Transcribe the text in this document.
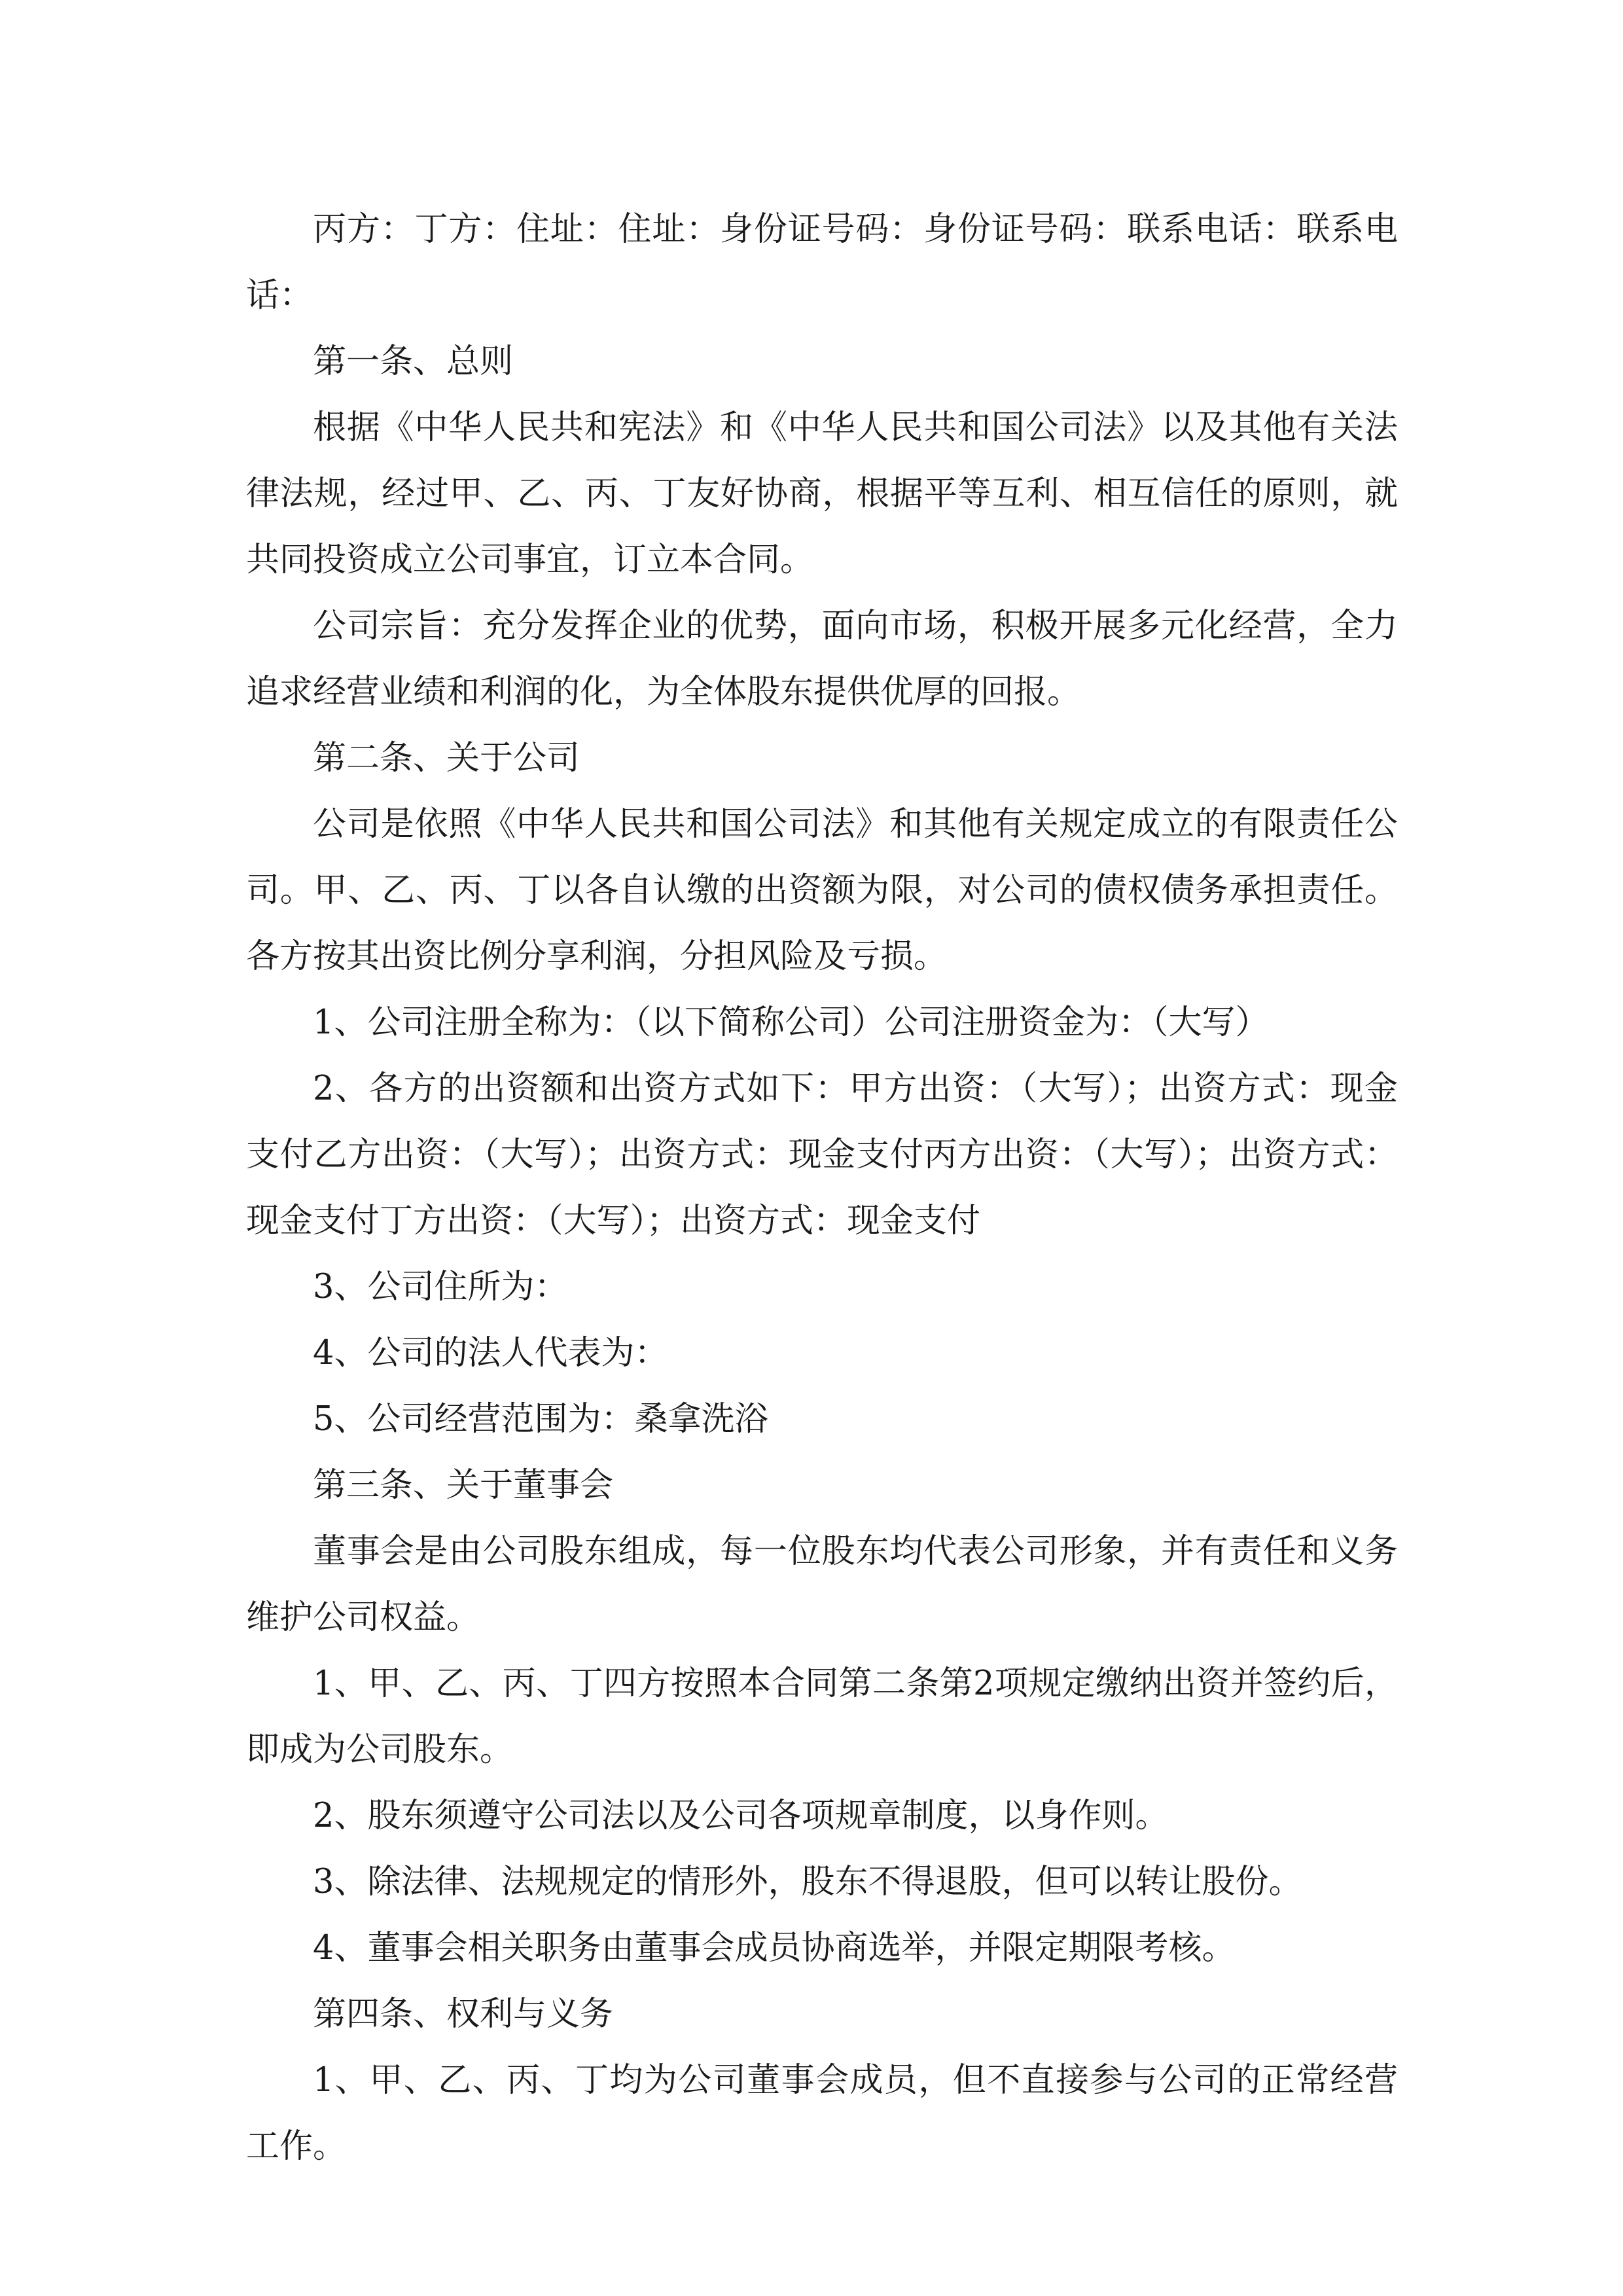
丙方：丁方：住址：住址：身份证号码：身份证号码：联系电话：联系电话：

第一条、总则

根据《中华人民共和宪法》和《中华人民共和国公司法》以及其他有关法律法规，经过甲、乙、丙、丁友好协商，根据平等互利、相互信任的原则，就共同投资成立公司事宜，订立本合同。

公司宗旨：充分发挥企业的优势，面向市场，积极开展多元化经营，全力追求经营业绩和利润的化，为全体股东提供优厚的回报。

第二条、关于公司

公司是依照《中华人民共和国公司法》和其他有关规定成立的有限责任公司。甲、乙、丙、丁以各自认缴的出资额为限，对公司的债权债务承担责任。各方按其出资比例分享利润，分担风险及亏损。

1、公司注册全称为：（以下简称公司）公司注册资金为：（大写）

2、各方的出资额和出资方式如下：甲方出资：（大写）；出资方式：现金支付乙方出资：（大写）；出资方式：现金支付丙方出资：（大写）；出资方式：现金支付丁方出资：（大写）；出资方式：现金支付

3、公司住所为：

4、公司的法人代表为：

5、公司经营范围为：桑拿洗浴

第三条、关于董事会

董事会是由公司股东组成，每一位股东均代表公司形象，并有责任和义务维护公司权益。

1、甲、乙、丙、丁四方按照本合同第二条第2项规定缴纳出资并签约后，即成为公司股东。

2、股东须遵守公司法以及公司各项规章制度，以身作则。

3、除法律、法规规定的情形外，股东不得退股，但可以转让股份。

4、董事会相关职务由董事会成员协商选举，并限定期限考核。

第四条、权利与义务

1、甲、乙、丙、丁均为公司董事会成员，但不直接参与公司的正常经营工作。
